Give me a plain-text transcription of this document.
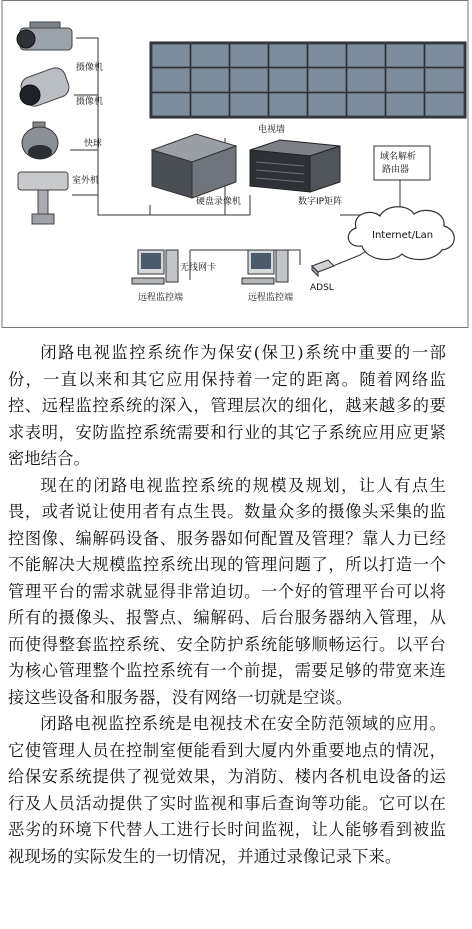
摄像机
摄像机
快球
室外机
电视墙
硬盘录像机	数字IP矩阵
域名解析
路由器
Internet/Lan
无线网卡
远程监控端	远程监控端
ADSL

闭路电视监控系统作为保安(保卫)系统中重要的一部份，一直以来和其它应用保持着一定的距离。随着网络监控、远程监控系统的深入，管理层次的细化，越来越多的要求表明，安防监控系统需要和行业的其它子系统应用应更紧密地结合。

现在的闭路电视监控系统的规模及规划，让人有点生畏，或者说让使用者有点生畏。数量众多的摄像头采集的监控图像、编解码设备、服务器如何配置及管理？靠人力已经不能解决大规模监控系统出现的管理问题了，所以打造一个管理平台的需求就显得非常迫切。一个好的管理平台可以将所有的摄像头、报警点、编解码、后台服务器纳入管理，从而使得整套监控系统、安全防护系统能够顺畅运行。以平台为核心管理整个监控系统有一个前提，需要足够的带宽来连接这些设备和服务器，没有网络一切就是空谈。

闭路电视监控系统是电视技术在安全防范领域的应用。它使管理人员在控制室便能看到大厦内外重要地点的情况，给保安系统提供了视觉效果，为消防、楼内各机电设备的运行及人员活动提供了实时监视和事后查询等功能。它可以在恶劣的环境下代替人工进行长时间监视，让人能够看到被监视现场的实际发生的一切情况，并通过录像记录下来。
